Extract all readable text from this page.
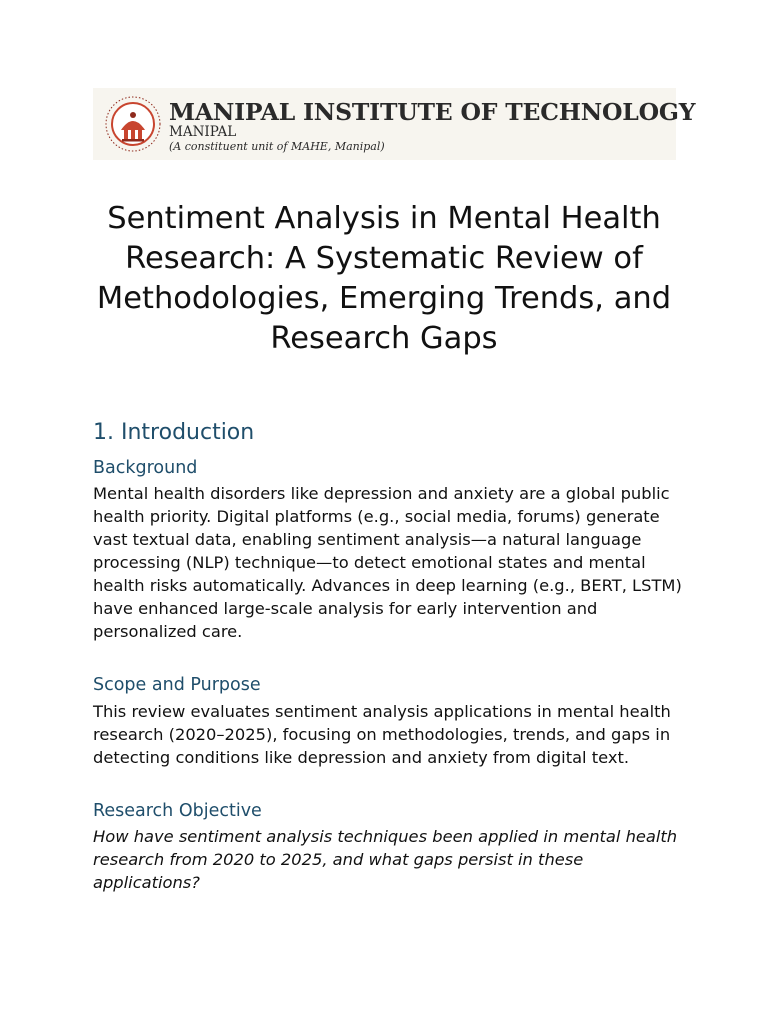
MANIPAL INSTITUTE OF TECHNOLOGY
MANIPAL
(A constituent unit of MAHE, Manipal)
Sentiment Analysis in Mental Health Research: A Systematic Review of Methodologies, Emerging Trends, and Research Gaps
1. Introduction
Background

Mental health disorders like depression and anxiety are a global public health priority. Digital platforms (e.g., social media, forums) generate vast textual data, enabling sentiment analysis—a natural language processing (NLP) technique—to detect emotional states and mental health risks automatically. Advances in deep learning (e.g., BERT, LSTM) have enhanced large-scale analysis for early intervention and personalized care.

Scope and Purpose

This review evaluates sentiment analysis applications in mental health research (2020–2025), focusing on methodologies, trends, and gaps in detecting conditions like depression and anxiety from digital text.

Research Objective

How have sentiment analysis techniques been applied in mental health research from 2020 to 2025, and what gaps persist in these applications?
